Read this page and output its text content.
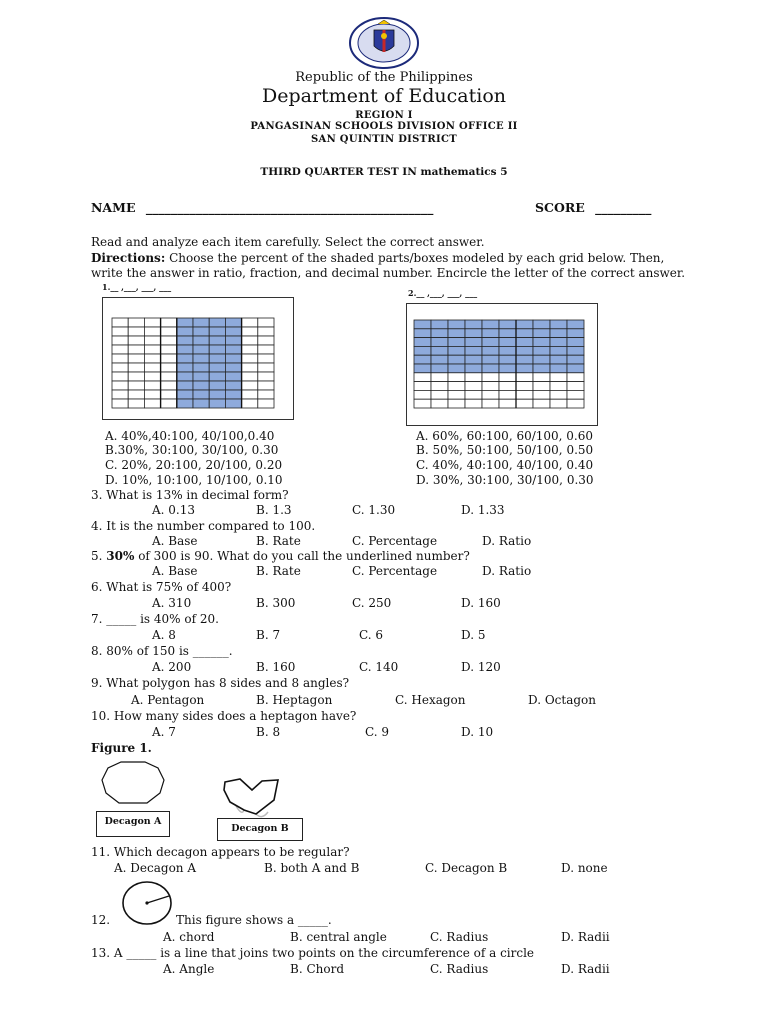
Republic of the Philippines
Department of Education
REGION I
PANGASINAN SCHOOLS DIVISION OFFICE II
SAN QUINTIN DISTRICT
THIRD QUARTER TEST IN mathematics 5
NAME ______________________________________________	SCORE _________
Read and analyze each item carefully. Select the correct answer.
Directions: Choose the percent of the shaded parts/boxes modeled by each grid below. Then,
write the answer in ratio, fraction, and decimal number. Encircle the letter of the correct answer.
1.__ ,___, ___, ___
2.__ ,___, ___, ___
A. 40%,40:100, 40/100,0.40
B.30%, 30:100, 30/100, 0.30
C. 20%, 20:100, 20/100, 0.20
D. 10%, 10:100, 10/100, 0.10
A. 60%, 60:100, 60/100, 0.60
B. 50%, 50:100, 50/100, 0.50
C. 40%, 40:100, 40/100, 0.40
D. 30%, 30:100, 30/100, 0.30
3. What is 13% in decimal form?
A. 0.13	B. 1.3	C. 1.30	D. 1.33
4. It is the number compared to 100.
A. Base	B. Rate	C. Percentage	D. Ratio
5. 30% of 300 is 90. What do you call the underlined number?
A. Base	B. Rate	C. Percentage	D. Ratio
6. What is 75% of 400?
A. 310	B. 300	C. 250	D. 160
7. _____ is 40% of 20.
A. 8	B. 7	C. 6	D. 5
8. 80% of 150 is ______.
A. 200	B. 160	C. 140	D. 120
9. What polygon has 8 sides and 8 angles?
A. Pentagon	B. Heptagon	C. Hexagon	D. Octagon
10. How many sides does a heptagon have?
A. 7	B. 8	C. 9	D. 10
Figure 1.
Decagon A
Decagon B
11. Which decagon appears to be regular?
A. Decagon A	B. both A and B	C. Decagon B	D. none
12.	This figure shows a _____.
A. chord	B. central angle	C. Radius	D. Radii
13. A _____ is a line that joins two points on the circumference of a circle
A. Angle	B. Chord	C. Radius	D. Radii
